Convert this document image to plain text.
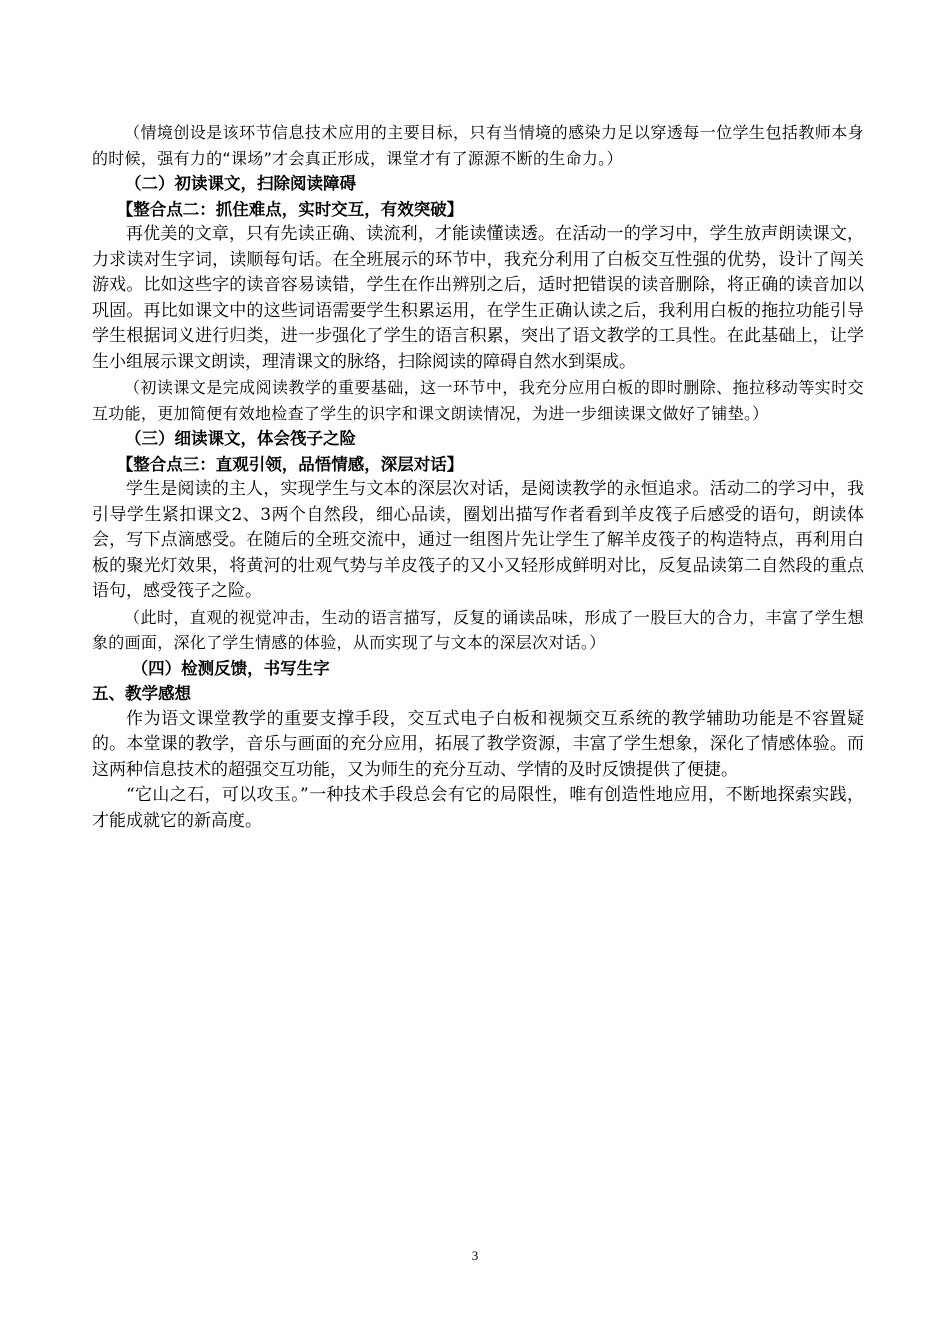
（情境创设是该环节信息技术应用的主要目标，只有当情境的感染力足以穿透每一位学生包括教师本身的时候，强有力的“课场”才会真正形成，课堂才有了源源不断的生命力。）

（二）初读课文，扫除阅读障碍

【整合点二：抓住难点，实时交互，有效突破】

再优美的文章，只有先读正确、读流利，才能读懂读透。在活动一的学习中，学生放声朗读课文，力求读对生字词，读顺每句话。在全班展示的环节中，我充分利用了白板交互性强的优势，设计了闯关游戏。比如这些字的读音容易读错，学生在作出辨别之后，适时把错误的读音删除，将正确的读音加以巩固。再比如课文中的这些词语需要学生积累运用，在学生正确认读之后，我利用白板的拖拉功能引导学生根据词义进行归类，进一步强化了学生的语言积累，突出了语文教学的工具性。在此基础上，让学生小组展示课文朗读，理清课文的脉络，扫除阅读的障碍自然水到渠成。

（初读课文是完成阅读教学的重要基础，这一环节中，我充分应用白板的即时删除、拖拉移动等实时交互功能，更加简便有效地检查了学生的识字和课文朗读情况，为进一步细读课文做好了铺垫。）

（三）细读课文，体会筏子之险

【整合点三：直观引领，品悟情感，深层对话】

学生是阅读的主人，实现学生与文本的深层次对话，是阅读教学的永恒追求。活动二的学习中，我引导学生紧扣课文2、3两个自然段，细心品读，圈划出描写作者看到羊皮筏子后感受的语句，朗读体会，写下点滴感受。在随后的全班交流中，通过一组图片先让学生了解羊皮筏子的构造特点，再利用白板的聚光灯效果，将黄河的壮观气势与羊皮筏子的又小又轻形成鲜明对比，反复品读第二自然段的重点语句，感受筏子之险。

（此时，直观的视觉冲击，生动的语言描写，反复的诵读品味，形成了一股巨大的合力，丰富了学生想象的画面，深化了学生情感的体验，从而实现了与文本的深层次对话。）

（四）检测反馈，书写生字

五、教学感想

作为语文课堂教学的重要支撑手段，交互式电子白板和视频交互系统的教学辅助功能是不容置疑的。本堂课的教学，音乐与画面的充分应用，拓展了教学资源，丰富了学生想象，深化了情感体验。而这两种信息技术的超强交互功能，又为师生的充分互动、学情的及时反馈提供了便捷。

“它山之石，可以攻玉。”一种技术手段总会有它的局限性，唯有创造性地应用，不断地探索实践，才能成就它的新高度。

3
